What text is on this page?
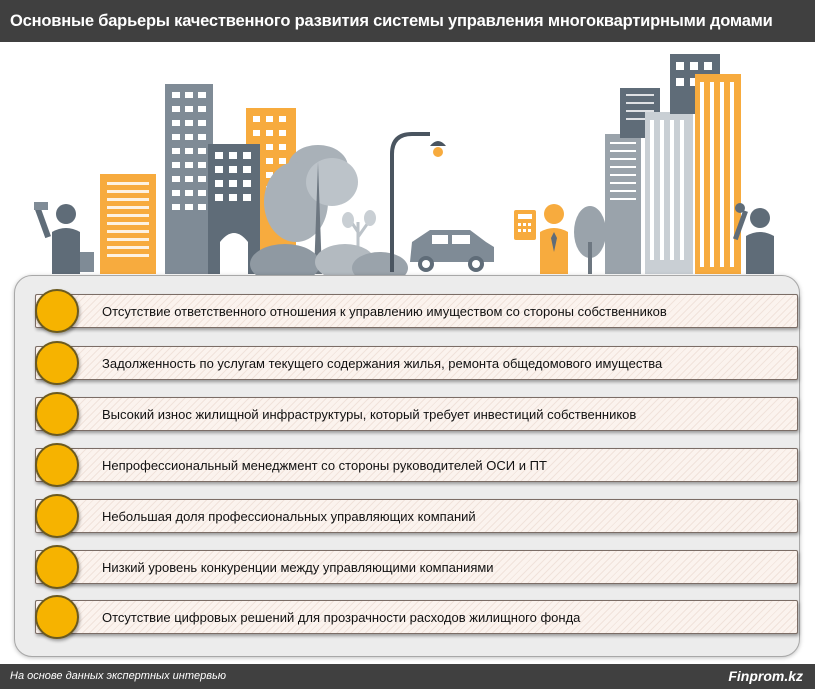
Основные барьеры качественного развития системы управления многоквартирными домами
Отсутствие ответственного отношения к управлению имуществом со стороны собственников
Задолженность по услугам текущего содержания жилья, ремонта общедомового имущества
Высокий износ жилищной инфраструктуры, который требует инвестиций собственников
Непрофессиональный менеджмент со стороны руководителей ОСИ и ПТ
Небольшая доля профессиональных управляющих компаний
Низкий уровень конкуренции между управляющими компаниями
Отсутствие цифровых решений для прозрачности расходов жилищного фонда
На основе данных экспертных интервью	Finprom.kz
